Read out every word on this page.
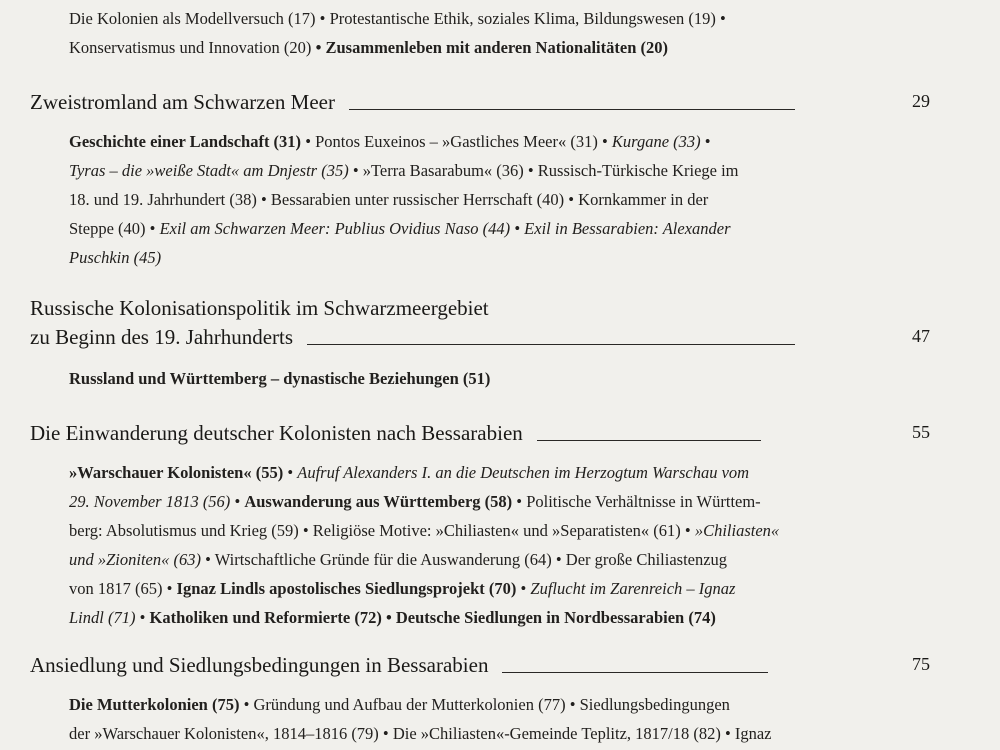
Die Kolonien als Modellversuch (17) • Protestantische Ethik, soziales Klima, Bildungswesen (19) •
Konservatismus und Innovation (20) • Zusammenleben mit anderen Nationalitäten (20)
Zweistromland am Schwarzen Meer	29
Geschichte einer Landschaft (31) • Pontos Euxeinos – »Gastliches Meer« (31) • Kurgane (33) •
Tyras – die »weiße Stadt« am Dnjestr (35) • »Terra Basarabum« (36) • Russisch-Türkische Kriege im
18. und 19. Jahrhundert (38) • Bessarabien unter russischer Herrschaft (40) • Kornkammer in der
Steppe (40) • Exil am Schwarzen Meer: Publius Ovidius Naso (44) • Exil in Bessarabien: Alexander
Puschkin (45)
Russische Kolonisationspolitik im Schwarzmeergebiet
zu Beginn des 19. Jahrhunderts	47
Russland und Württemberg – dynastische Beziehungen (51)
Die Einwanderung deutscher Kolonisten nach Bessarabien	55
»Warschauer Kolonisten« (55) • Aufruf Alexanders I. an die Deutschen im Herzogtum Warschau vom
29. November 1813 (56) • Auswanderung aus Württemberg (58) • Politische Verhältnisse in Württem-
berg: Absolutismus und Krieg (59) • Religiöse Motive: »Chiliasten« und »Separatisten« (61) • »Chiliasten«
und »Zioniten« (63) • Wirtschaftliche Gründe für die Auswanderung (64) • Der große Chiliastenzug
von 1817 (65) • Ignaz Lindls apostolisches Siedlungsprojekt (70) • Zuflucht im Zarenreich – Ignaz
Lindl (71) • Katholiken und Reformierte (72) • Deutsche Siedlungen in Nordbessarabien (74)
Ansiedlung und Siedlungsbedingungen in Bessarabien	75
Die Mutterkolonien (75) • Gründung und Aufbau der Mutterkolonien (77) • Siedlungsbedingungen
der »Warschauer Kolonisten«, 1814–1816 (79) • Die »Chiliasten«-Gemeinde Teplitz, 1817/18 (82) • Ignaz
